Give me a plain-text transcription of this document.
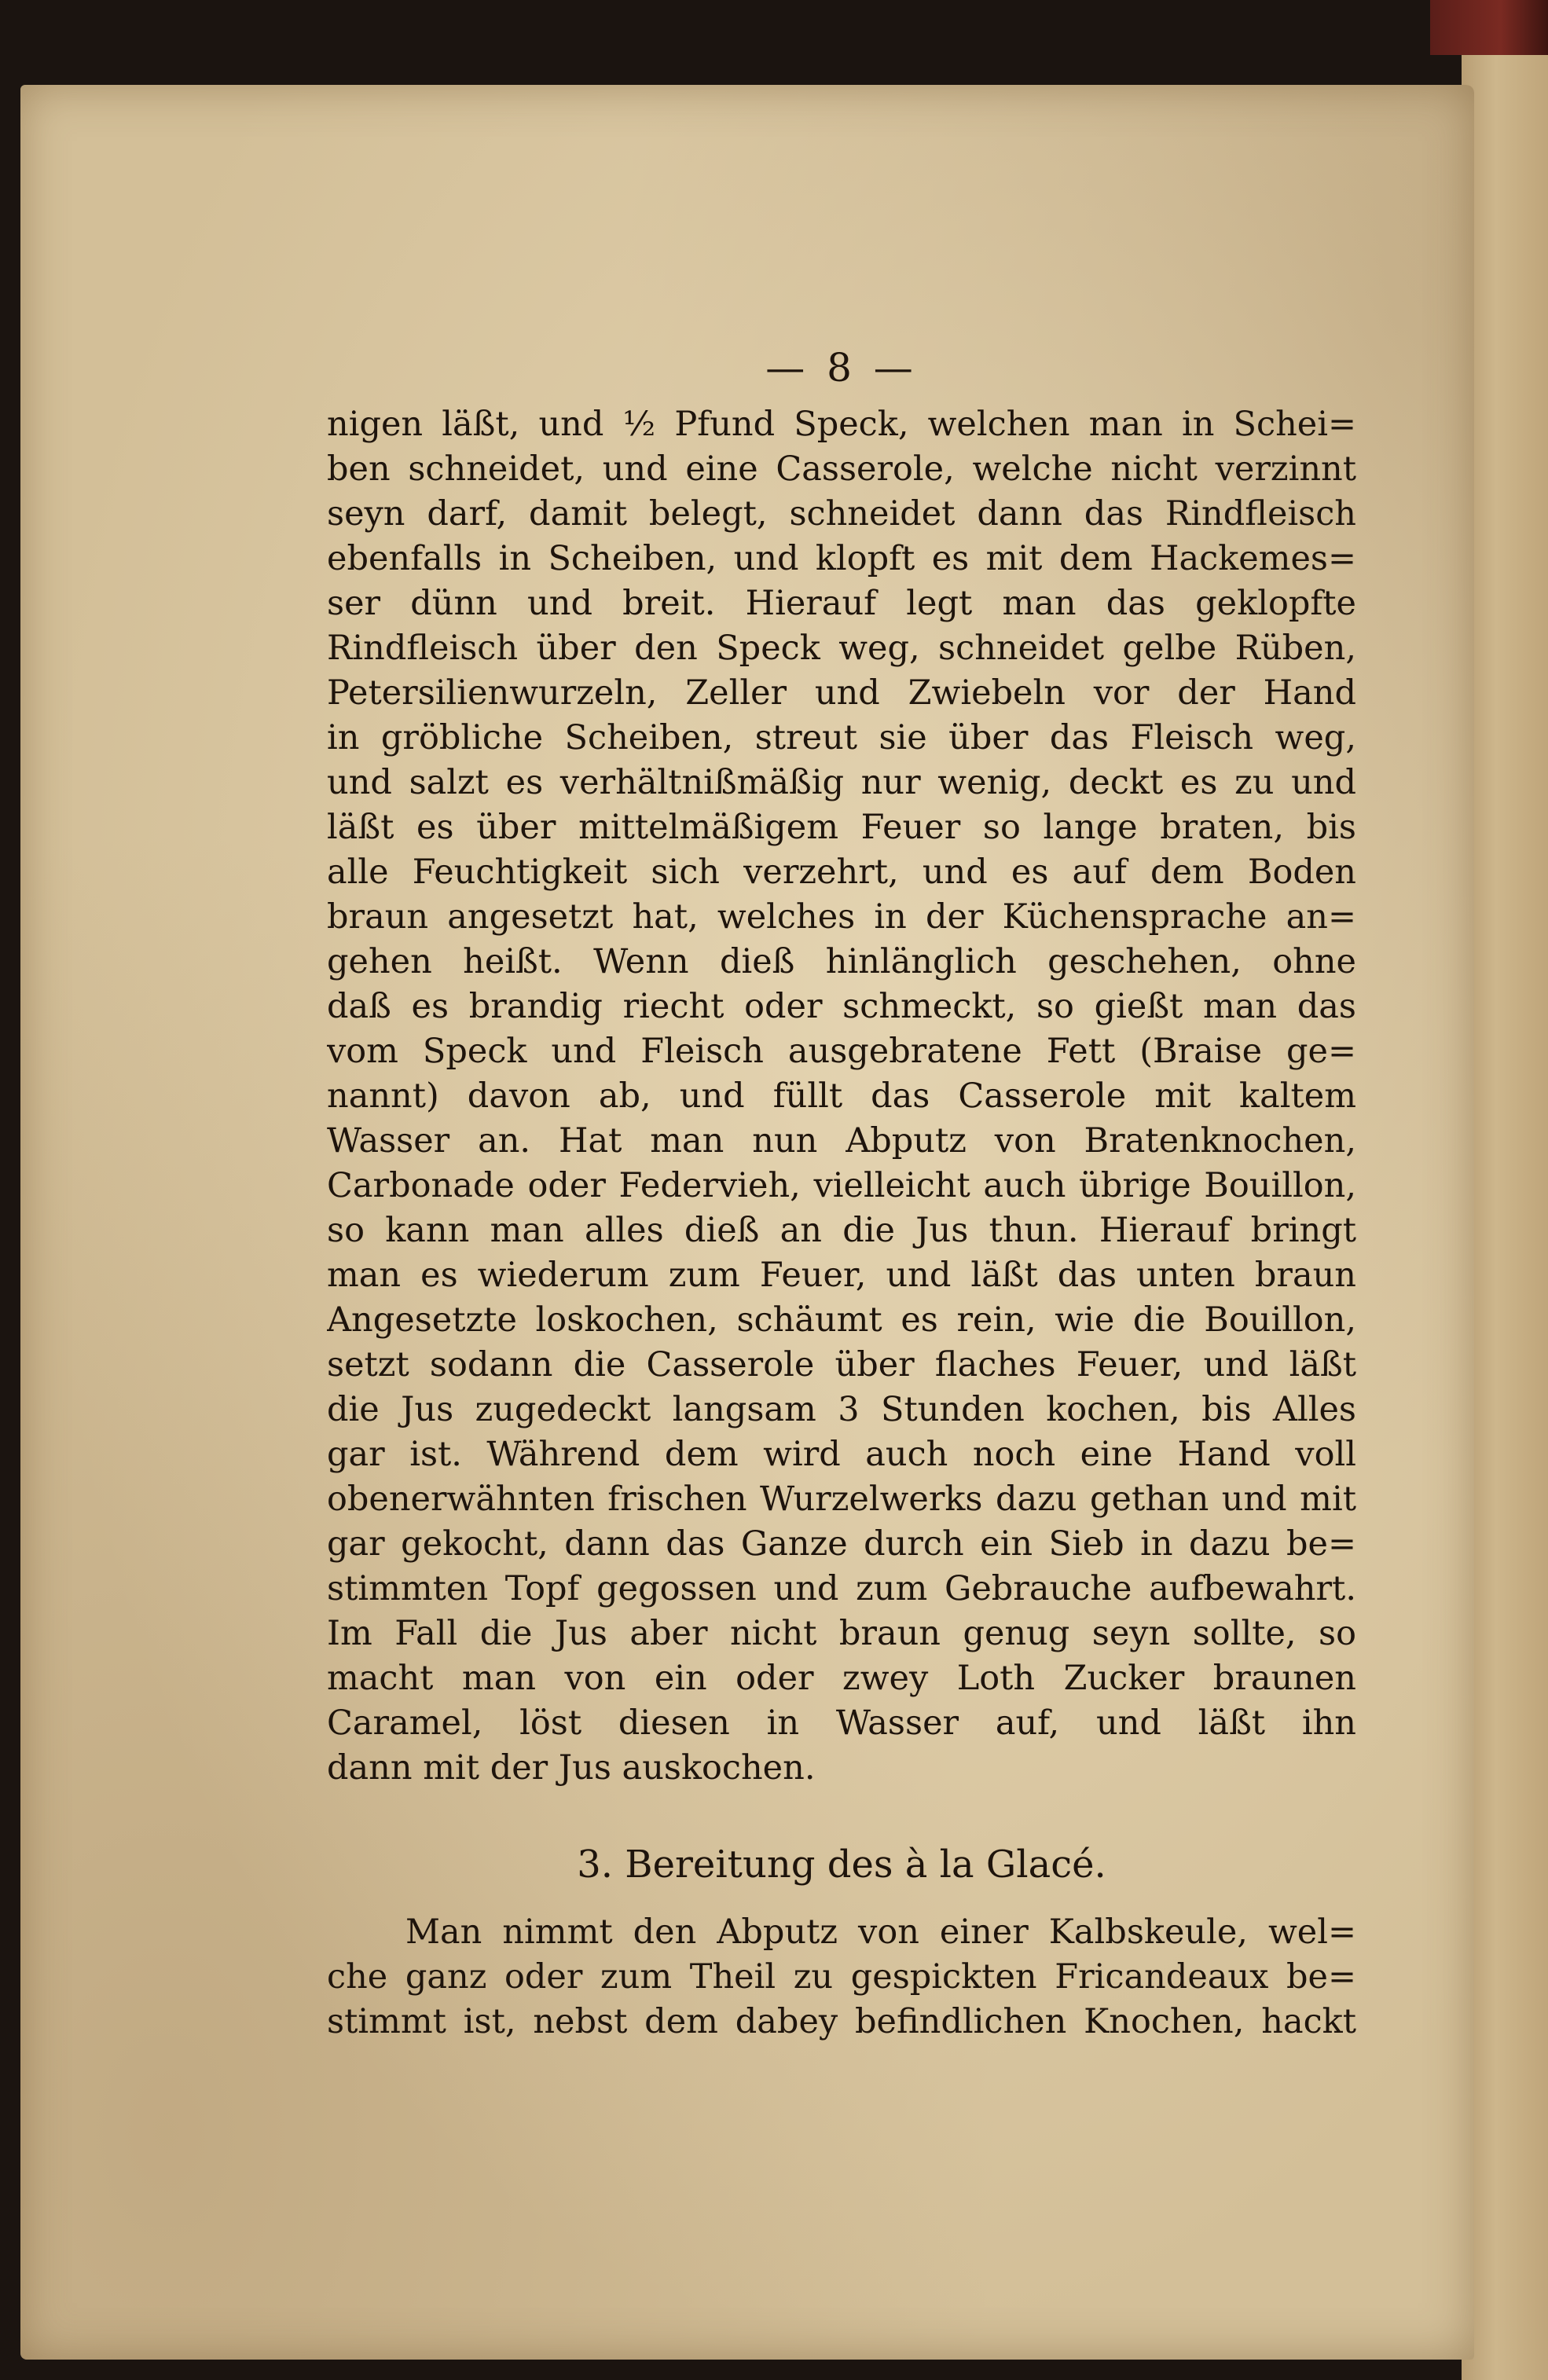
— 8 —
nigen läßt, und ½ Pfund Speck, welchen man in Schei=
ben schneidet, und eine Casserole, welche nicht verzinnt
seyn darf, damit belegt, schneidet dann das Rindfleisch
ebenfalls in Scheiben, und klopft es mit dem Hackemes=
ser dünn und breit. Hierauf legt man das geklopfte
Rindfleisch über den Speck weg, schneidet gelbe Rüben,
Petersilienwurzeln, Zeller und Zwiebeln vor der Hand
in gröbliche Scheiben, streut sie über das Fleisch weg,
und salzt es verhältnißmäßig nur wenig, deckt es zu und
läßt es über mittelmäßigem Feuer so lange braten, bis
alle Feuchtigkeit sich verzehrt, und es auf dem Boden
braun angesetzt hat, welches in der Küchensprache an=
gehen heißt. Wenn dieß hinlänglich geschehen, ohne
daß es brandig riecht oder schmeckt, so gießt man das
vom Speck und Fleisch ausgebratene Fett (Braise ge=
nannt) davon ab, und füllt das Casserole mit kaltem
Wasser an. Hat man nun Abputz von Bratenknochen,
Carbonade oder Federvieh, vielleicht auch übrige Bouillon,
so kann man alles dieß an die Jus thun. Hierauf bringt
man es wiederum zum Feuer, und läßt das unten braun
Angesetzte loskochen, schäumt es rein, wie die Bouillon,
setzt sodann die Casserole über flaches Feuer, und läßt
die Jus zugedeckt langsam 3 Stunden kochen, bis Alles
gar ist. Während dem wird auch noch eine Hand voll
obenerwähnten frischen Wurzelwerks dazu gethan und mit
gar gekocht, dann das Ganze durch ein Sieb in dazu be=
stimmten Topf gegossen und zum Gebrauche aufbewahrt.
Im Fall die Jus aber nicht braun genug seyn sollte, so
macht man von ein oder zwey Loth Zucker braunen
Caramel, löst diesen in Wasser auf, und läßt ihn
dann mit der Jus auskochen.
3. Bereitung des à la Glacé.
Man nimmt den Abputz von einer Kalbskeule, wel=
che ganz oder zum Theil zu gespickten Fricandeaux be=
stimmt ist, nebst dem dabey befindlichen Knochen, hackt
